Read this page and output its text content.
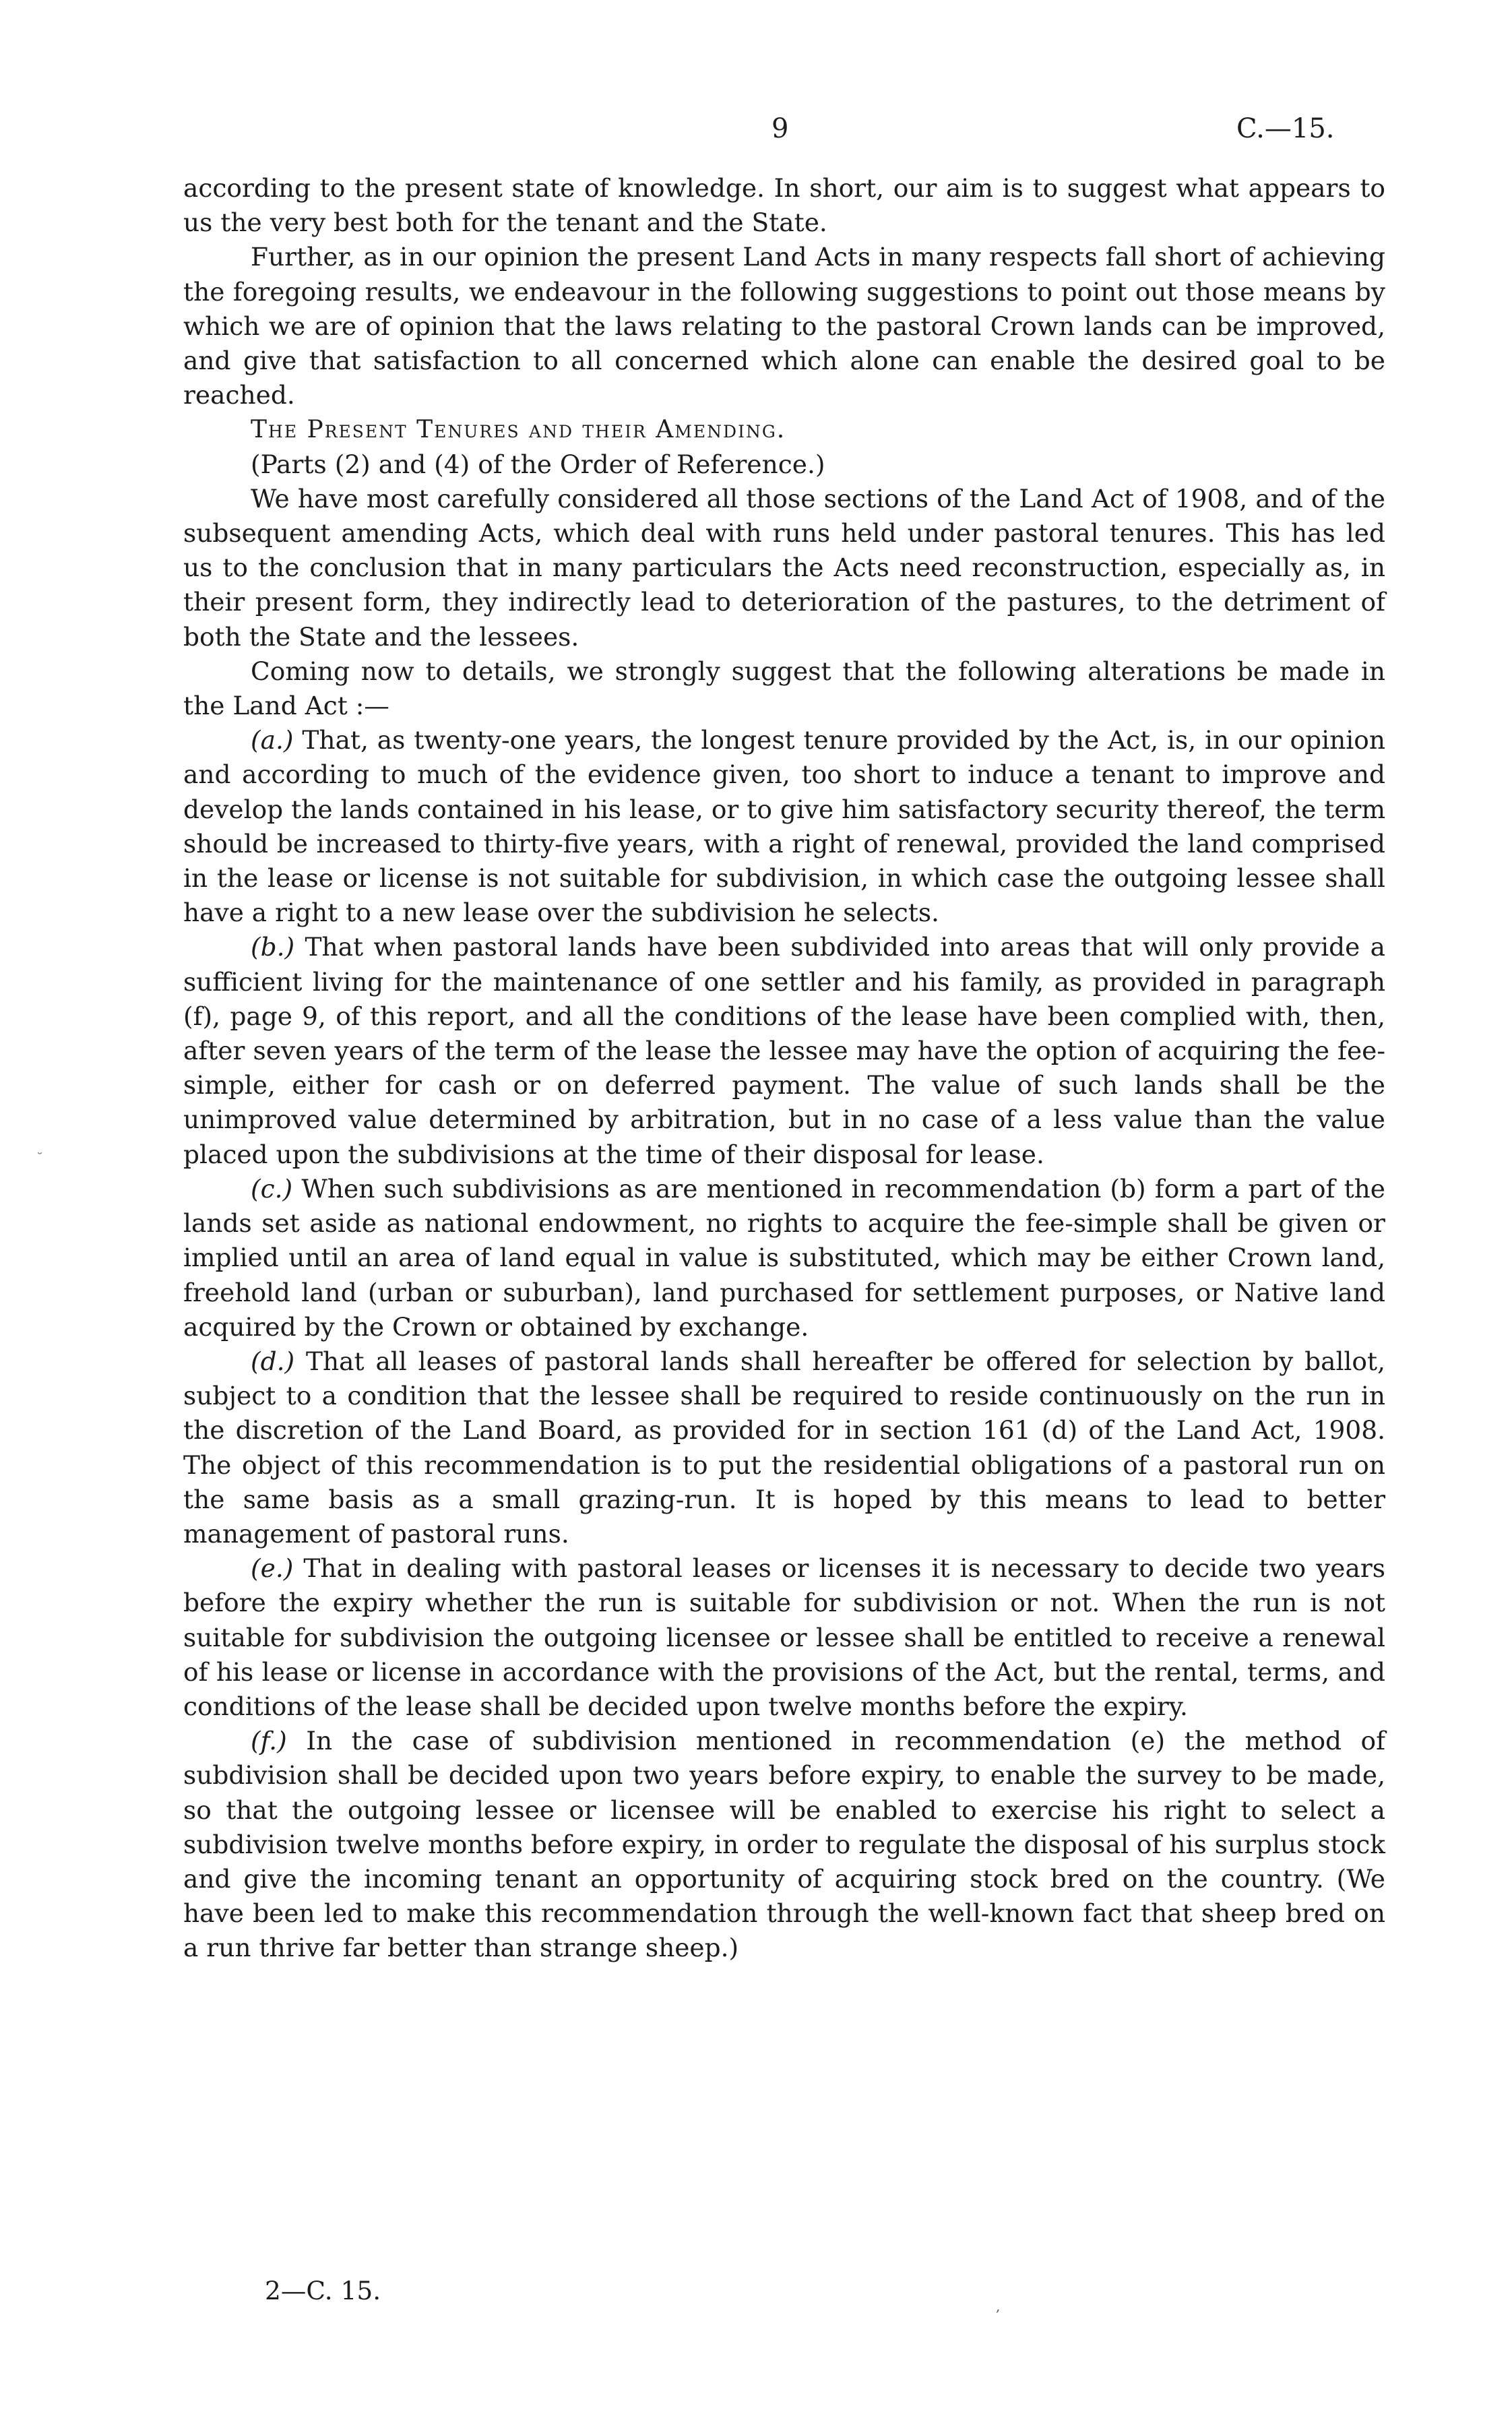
9	C.—15.
˘

according to the present state of knowledge. In short, our aim is to suggest what appears to us the very best both for the tenant and the State.

Further, as in our opinion the present Land Acts in many respects fall short of achieving the foregoing results, we endeavour in the following suggestions to point out those means by which we are of opinion that the laws relating to the pastoral Crown lands can be improved, and give that satisfaction to all concerned which alone can enable the desired goal to be reached.

The Present Tenures and their Amending.

(Parts (2) and (4) of the Order of Reference.)

We have most carefully considered all those sections of the Land Act of 1908, and of the subsequent amending Acts, which deal with runs held under pastoral tenures. This has led us to the conclusion that in many particulars the Acts need reconstruction, especially as, in their present form, they indirectly lead to deterioration of the pastures, to the detriment of both the State and the lessees.

Coming now to details, we strongly suggest that the following alterations be made in the Land Act :—

(a.) That, as twenty-one years, the longest tenure provided by the Act, is, in our opinion and according to much of the evidence given, too short to induce a tenant to improve and develop the lands contained in his lease, or to give him satisfactory security thereof, the term should be increased to thirty-five years, with a right of renewal, provided the land comprised in the lease or license is not suitable for subdivision, in which case the outgoing lessee shall have a right to a new lease over the subdivision he selects.

(b.) That when pastoral lands have been subdivided into areas that will only provide a sufficient living for the maintenance of one settler and his family, as provided in paragraph (f), page 9, of this report, and all the conditions of the lease have been complied with, then, after seven years of the term of the lease the lessee may have the option of acquiring the fee-simple, either for cash or on deferred payment. The value of such lands shall be the unimproved value determined by arbitration, but in no case of a less value than the value placed upon the subdivisions at the time of their disposal for lease.

(c.) When such subdivisions as are mentioned in recommendation (b) form a part of the lands set aside as national endowment, no rights to acquire the fee-simple shall be given or implied until an area of land equal in value is substituted, which may be either Crown land, freehold land (urban or suburban), land purchased for settlement purposes, or Native land acquired by the Crown or obtained by exchange.

(d.) That all leases of pastoral lands shall hereafter be offered for selection by ballot, subject to a condition that the lessee shall be required to reside continuously on the run in the discretion of the Land Board, as provided for in section 161 (d) of the Land Act, 1908. The object of this recommendation is to put the residential obligations of a pastoral run on the same basis as a small grazing-run. It is hoped by this means to lead to better management of pastoral runs.

(e.) That in dealing with pastoral leases or licenses it is necessary to decide two years before the expiry whether the run is suitable for subdivision or not. When the run is not suitable for subdivision the outgoing licensee or lessee shall be entitled to receive a renewal of his lease or license in accordance with the provisions of the Act, but the rental, terms, and conditions of the lease shall be decided upon twelve months before the expiry.

(f.) In the case of subdivision mentioned in recommendation (e) the method of subdivision shall be decided upon two years before expiry, to enable the survey to be made, so that the outgoing lessee or licensee will be enabled to exercise his right to select a subdivision twelve months before expiry, in order to regulate the disposal of his surplus stock and give the incoming tenant an opportunity of acquiring stock bred on the country. (We have been led to make this recommendation through the well-known fact that sheep bred on a run thrive far better than strange sheep.)

2—C. 15.
,
